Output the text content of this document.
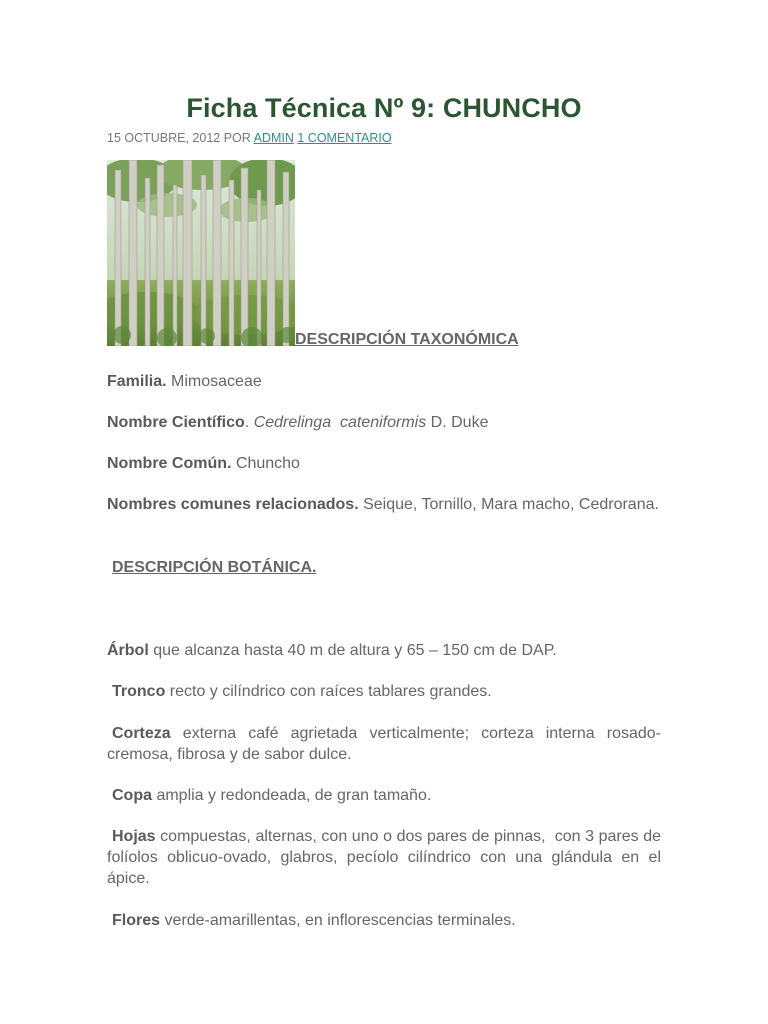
Ficha Técnica Nº 9: CHUNCHO
15 OCTUBRE, 2012 POR ADMIN 1 COMENTARIO
DESCRIPCIÓN TAXONÓMICA

Familia. Mimosaceae

Nombre Científico. Cedrelinga  cateniformis D. Duke

Nombre Común. Chuncho

Nombres comunes relacionados. Seique, Tornillo, Mara macho, Cedrorana.

DESCRIPCIÓN BOTÁNICA.

Árbol que alcanza hasta 40 m de altura y 65 – 150 cm de DAP.

Tronco recto y cilíndrico con raíces tablares grandes.

Corteza externa café agrietada verticalmente; corteza interna rosado-cremosa, fibrosa y de sabor dulce.

Copa amplia y redondeada, de gran tamaño.

Hojas compuestas, alternas, con uno o dos pares de pinnas,  con 3 pares de folíolos oblicuo-ovado, glabros, pecíolo cilíndrico con una glándula en el ápice.

Flores verde-amarillentas, en inflorescencias terminales.
